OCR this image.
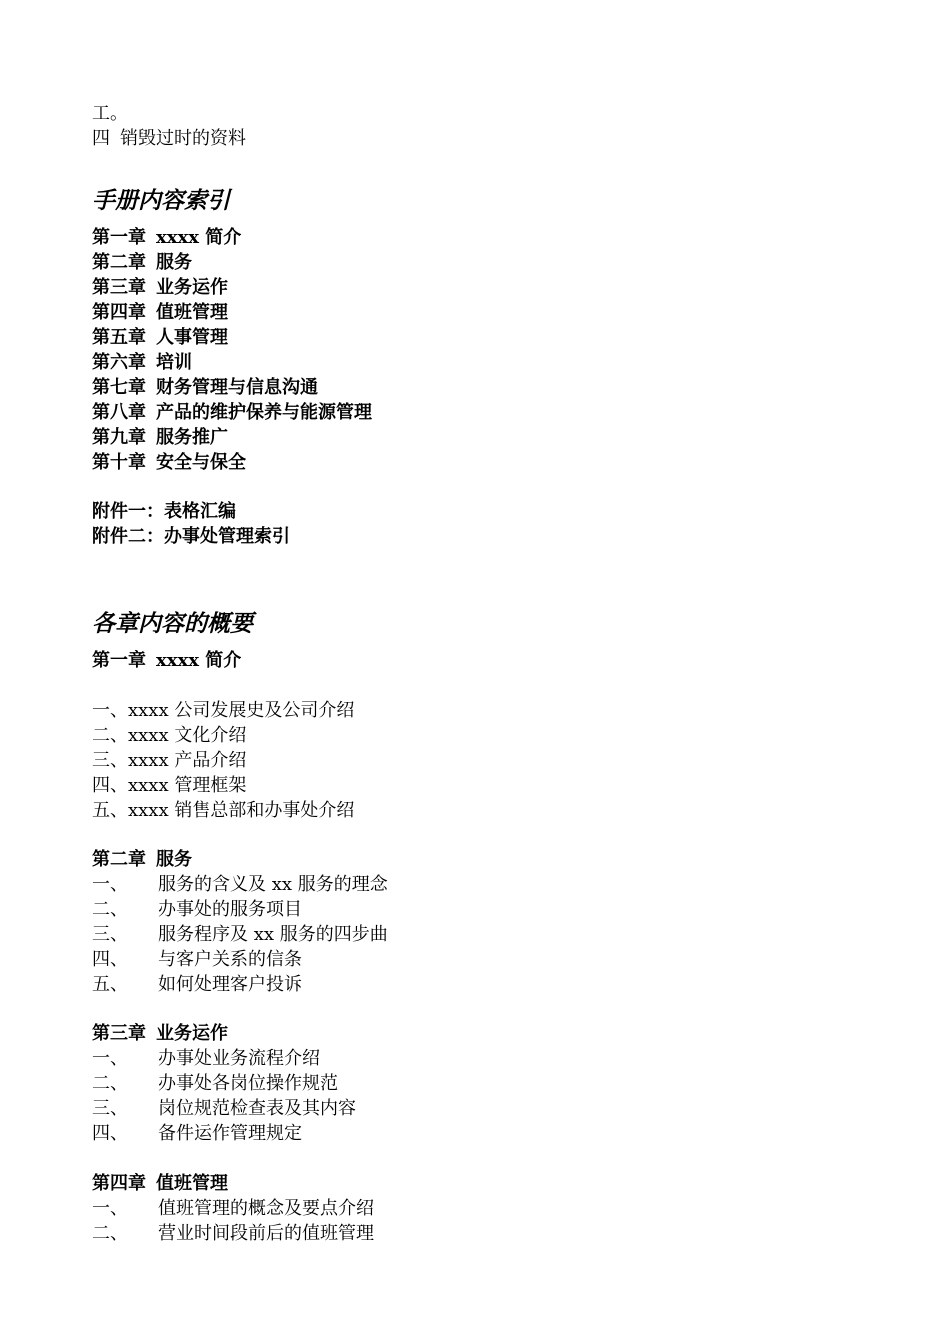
工。
四 销毁过时的资料
手册内容索引
第一章 xxxx 简介
第二章 服务
第三章 业务运作
第四章 值班管理
第五章 人事管理
第六章 培训
第七章 财务管理与信息沟通
第八章 产品的维护保养与能源管理
第九章 服务推广
第十章 安全与保全
附件一：表格汇编
附件二：办事处管理索引
各章内容的概要
第一章 xxxx 简介
一、xxxx 公司发展史及公司介绍
二、xxxx 文化介绍
三、xxxx 产品介绍
四、xxxx 管理框架
五、xxxx 销售总部和办事处介绍
第二章 服务
一、 服务的含义及 xx 服务的理念
二、 办事处的服务项目
三、 服务程序及 xx 服务的四步曲
四、 与客户关系的信条
五、 如何处理客户投诉
第三章 业务运作
一、 办事处业务流程介绍
二、 办事处各岗位操作规范
三、 岗位规范检查表及其内容
四、 备件运作管理规定
第四章 值班管理
一、 值班管理的概念及要点介绍
二、 营业时间段前后的值班管理
